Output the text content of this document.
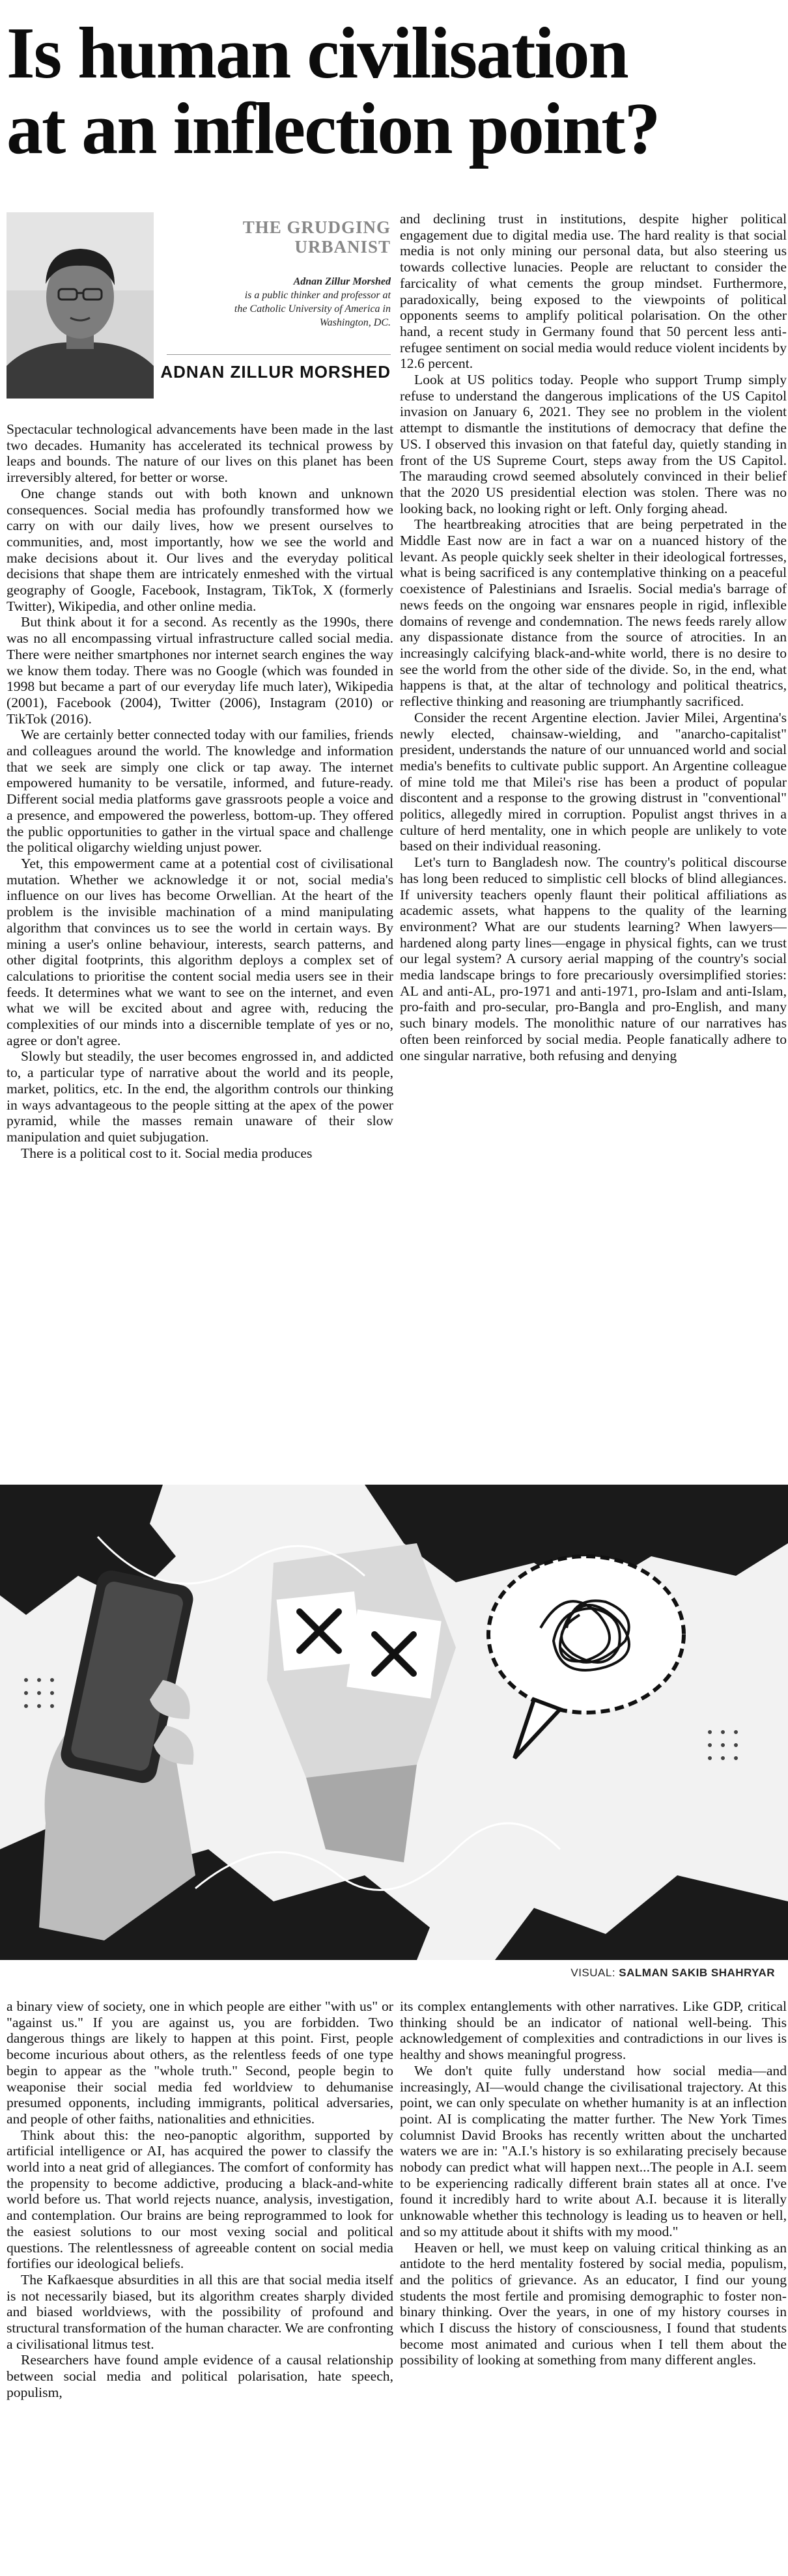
Is human civilisation
at an inflection point?
THE GRUDGING
URBANIST
Adnan Zillur Morshed
is a public thinker and professor at
the Catholic University of America in
Washington, DC.
ADNAN ZILLUR MORSHED

Spectacular technological advancements have been made in the last two decades. Humanity has accelerated its technical prowess by leaps and bounds. The nature of our lives on this planet has been irreversibly altered, for better or worse.

One change stands out with both known and unknown consequences. Social media has profoundly transformed how we carry on with our daily lives, how we present ourselves to communities, and, most importantly, how we see the world and make decisions about it. Our lives and the everyday political decisions that shape them are intricately enmeshed with the virtual geography of Google, Facebook, Instagram, TikTok, X (formerly Twitter), Wikipedia, and other online media.

But think about it for a second. As recently as the 1990s, there was no all encompassing virtual infrastructure called social media. There were neither smartphones nor internet search engines the way we know them today. There was no Google (which was founded in 1998 but became a part of our everyday life much later), Wikipedia (2001), Facebook (2004), Twitter (2006), Instagram (2010) or TikTok (2016).

We are certainly better connected today with our families, friends and colleagues around the world. The knowledge and information that we seek are simply one click or tap away. The internet empowered humanity to be versatile, informed, and future-ready. Different social media platforms gave grassroots people a voice and a presence, and empowered the powerless, bottom-up. They offered the public opportunities to gather in the virtual space and challenge the political oligarchy wielding unjust power.

Yet, this empowerment came at a potential cost of civilisational mutation. Whether we acknowledge it or not, social media's influence on our lives has become Orwellian. At the heart of the problem is the invisible machination of a mind manipulating algorithm that convinces us to see the world in certain ways. By mining a user's online behaviour, interests, search patterns, and other digital footprints, this algorithm deploys a complex set of calculations to prioritise the content social media users see in their feeds. It determines what we want to see on the internet, and even what we will be excited about and agree with, reducing the complexities of our minds into a discernible template of yes or no, agree or don't agree.

Slowly but steadily, the user becomes engrossed in, and addicted to, a particular type of narrative about the world and its people, market, politics, etc. In the end, the algorithm controls our thinking in ways advantageous to the people sitting at the apex of the power pyramid, while the masses remain unaware of their slow manipulation and quiet subjugation.

There is a political cost to it. Social media produces

and declining trust in institutions, despite higher political engagement due to digital media use. The hard reality is that social media is not only mining our personal data, but also steering us towards collective lunacies. People are reluctant to consider the farcicality of what cements the group mindset. Furthermore, paradoxically, being exposed to the viewpoints of political opponents seems to amplify political polarisation. On the other hand, a recent study in Germany found that 50 percent less anti-refugee sentiment on social media would reduce violent incidents by 12.6 percent.

Look at US politics today. People who support Trump simply refuse to understand the dangerous implications of the US Capitol invasion on January 6, 2021. They see no problem in the violent attempt to dismantle the institutions of democracy that define the US. I observed this invasion on that fateful day, quietly standing in front of the US Supreme Court, steps away from the US Capitol. The marauding crowd seemed absolutely convinced in their belief that the 2020 US presidential election was stolen. There was no looking back, no looking right or left. Only forging ahead.

The heartbreaking atrocities that are being perpetrated in the Middle East now are in fact a war on a nuanced history of the levant. As people quickly seek shelter in their ideological fortresses, what is being sacrificed is any contemplative thinking on a peaceful coexistence of Palestinians and Israelis. Social media's barrage of news feeds on the ongoing war ensnares people in rigid, inflexible domains of revenge and condemnation. The news feeds rarely allow any dispassionate distance from the source of atrocities. In an increasingly calcifying black-and-white world, there is no desire to see the world from the other side of the divide. So, in the end, what happens is that, at the altar of technology and political theatrics, reflective thinking and reasoning are triumphantly sacrificed.

Consider the recent Argentine election. Javier Milei, Argentina's newly elected, chainsaw-wielding, and "anarcho-capitalist" president, understands the nature of our unnuanced world and social media's benefits to cultivate public support. An Argentine colleague of mine told me that Milei's rise has been a product of popular discontent and a response to the growing distrust in "conventional" politics, allegedly mired in corruption. Populist angst thrives in a culture of herd mentality, one in which people are unlikely to vote based on their individual reasoning.

Let's turn to Bangladesh now. The country's political discourse has long been reduced to simplistic cell blocks of blind allegiances. If university teachers openly flaunt their political affiliations as academic assets, what happens to the quality of the learning environment? What are our students learning? When lawyers—hardened along party lines—engage in physical fights, can we trust our legal system? A cursory aerial mapping of the country's social media landscape brings to fore precariously oversimplified stories: AL and anti-AL, pro-1971 and anti-1971, pro-Islam and anti-Islam, pro-faith and pro-secular, pro-Bangla and pro-English, and many such binary models. The monolithic nature of our narratives has often been reinforced by social media. People fanatically adhere to one singular narrative, both refusing and denying

VISUAL: SALMAN SAKIB SHAHRYAR

a binary view of society, one in which people are either "with us" or "against us." If you are against us, you are forbidden. Two dangerous things are likely to happen at this point. First, people become incurious about others, as the relentless feeds of one type begin to appear as the "whole truth." Second, people begin to weaponise their social media fed worldview to dehumanise presumed opponents, including immigrants, political adversaries, and people of other faiths, nationalities and ethnicities.

Think about this: the neo-panoptic algorithm, supported by artificial intelligence or AI, has acquired the power to classify the world into a neat grid of allegiances. The comfort of conformity has the propensity to become addictive, producing a black-and-white world before us. That world rejects nuance, analysis, investigation, and contemplation. Our brains are being reprogrammed to look for the easiest solutions to our most vexing social and political questions. The relentlessness of agreeable content on social media fortifies our ideological beliefs.

The Kafkaesque absurdities in all this are that social media itself is not necessarily biased, but its algorithm creates sharply divided and biased worldviews, with the possibility of profound and structural transformation of the human character. We are confronting a civilisational litmus test.

Researchers have found ample evidence of a causal relationship between social media and political polarisation, hate speech, populism,

its complex entanglements with other narratives. Like GDP, critical thinking should be an indicator of national well-being. This acknowledgement of complexities and contradictions in our lives is healthy and shows meaningful progress.

We don't quite fully understand how social media—and increasingly, AI—would change the civilisational trajectory. At this point, we can only speculate on whether humanity is at an inflection point. AI is complicating the matter further. The New York Times columnist David Brooks has recently written about the uncharted waters we are in: "A.I.'s history is so exhilarating precisely because nobody can predict what will happen next...The people in A.I. seem to be experiencing radically different brain states all at once. I've found it incredibly hard to write about A.I. because it is literally unknowable whether this technology is leading us to heaven or hell, and so my attitude about it shifts with my mood."

Heaven or hell, we must keep on valuing critical thinking as an antidote to the herd mentality fostered by social media, populism, and the politics of grievance. As an educator, I find our young students the most fertile and promising demographic to foster non-binary thinking. Over the years, in one of my history courses in which I discuss the history of consciousness, I found that students become most animated and curious when I tell them about the possibility of looking at something from many different angles.
